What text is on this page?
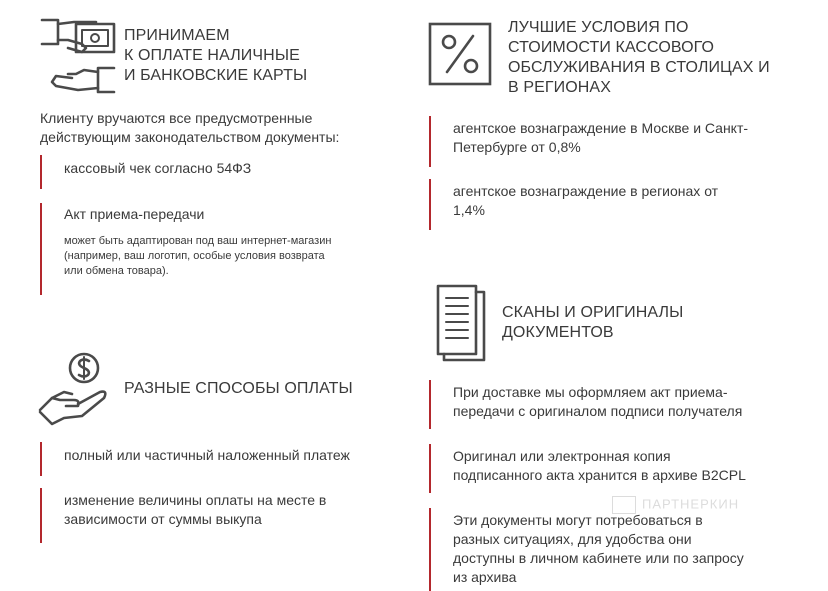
ПРИНИМАЕМ
К ОПЛАТЕ НАЛИЧНЫЕ
И БАНКОВСКИЕ КАРТЫ
Клиенту вручаются все предусмотренные
действующим законодательством документы:
кассовый чек согласно 54ФЗ
Акт приема-передачи
может быть адаптирован под ваш интернет-магазин
(например, ваш логотип, особые условия возврата
или обмена товара).
РАЗНЫЕ СПОСОБЫ ОПЛАТЫ
полный или частичный наложенный платеж
изменение величины оплаты на месте в
зависимости от суммы выкупа
ЛУЧШИЕ УСЛОВИЯ ПО
СТОИМОСТИ КАССОВОГО
ОБСЛУЖИВАНИЯ В СТОЛИЦАХ И
В РЕГИОНАХ
агентское вознаграждение в Москве и Санкт-
Петербурге от 0,8%
агентское вознаграждение в регионах от
1,4%
СКАНЫ И ОРИГИНАЛЫ
ДОКУМЕНТОВ
При доставке мы оформляем акт приема-
передачи с оригиналом подписи получателя
Оригинал или электронная копия
подписанного акта хранится в архиве B2CPL
Эти документы могут потребоваться в
разных ситуациях, для удобства они
доступны в личном кабинете или по запросу
из архива
ПАРТНЕРКИН
